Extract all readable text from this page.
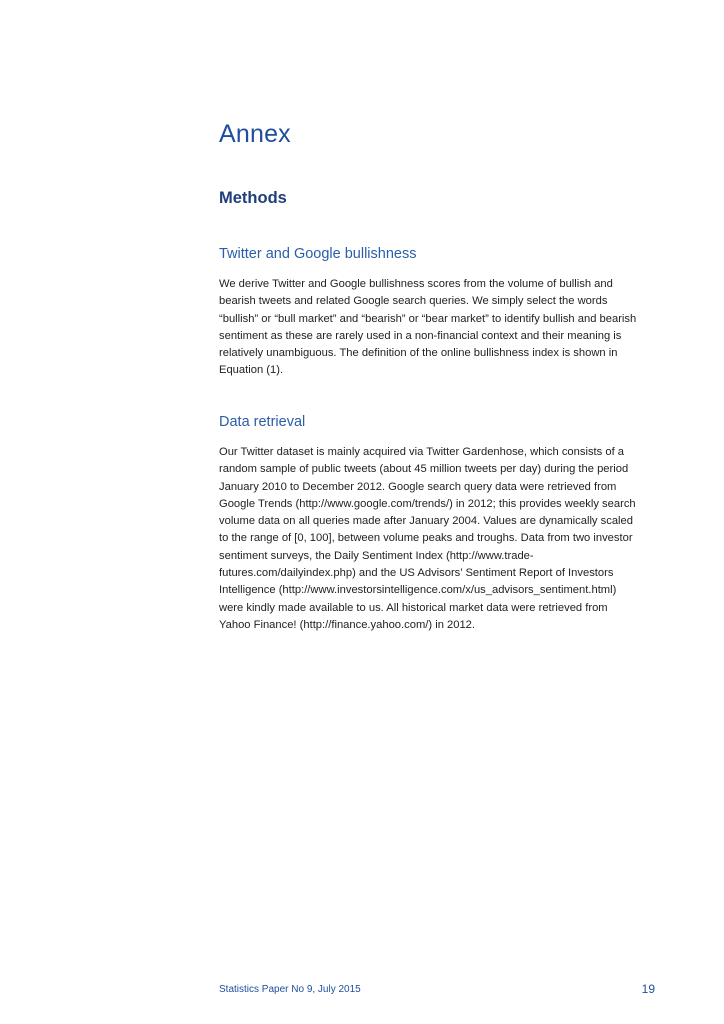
Annex
Methods
Twitter and Google bullishness

We derive Twitter and Google bullishness scores from the volume of bullish and
bearish tweets and related Google search queries. We simply select the words
“bullish” or “bull market” and “bearish” or “bear market” to identify bullish and bearish
sentiment as these are rarely used in a non-financial context and their meaning is
relatively unambiguous. The definition of the online bullishness index is shown in
Equation (1).

Data retrieval

Our Twitter dataset is mainly acquired via Twitter Gardenhose, which consists of a
random sample of public tweets (about 45 million tweets per day) during the period
January 2010 to December 2012. Google search query data were retrieved from
Google Trends (http://www.google.com/trends/) in 2012; this provides weekly search
volume data on all queries made after January 2004. Values are dynamically scaled
to the range of [0, 100], between volume peaks and troughs. Data from two investor
sentiment surveys, the Daily Sentiment Index (http://www.trade-
futures.com/dailyindex.php) and the US Advisors’ Sentiment Report of Investors
Intelligence (http://www.investorsintelligence.com/x/us_advisors_sentiment.html)
were kindly made available to us. All historical market data were retrieved from
Yahoo Finance! (http://finance.yahoo.com/) in 2012.

Statistics Paper No 9, July 2015	19
